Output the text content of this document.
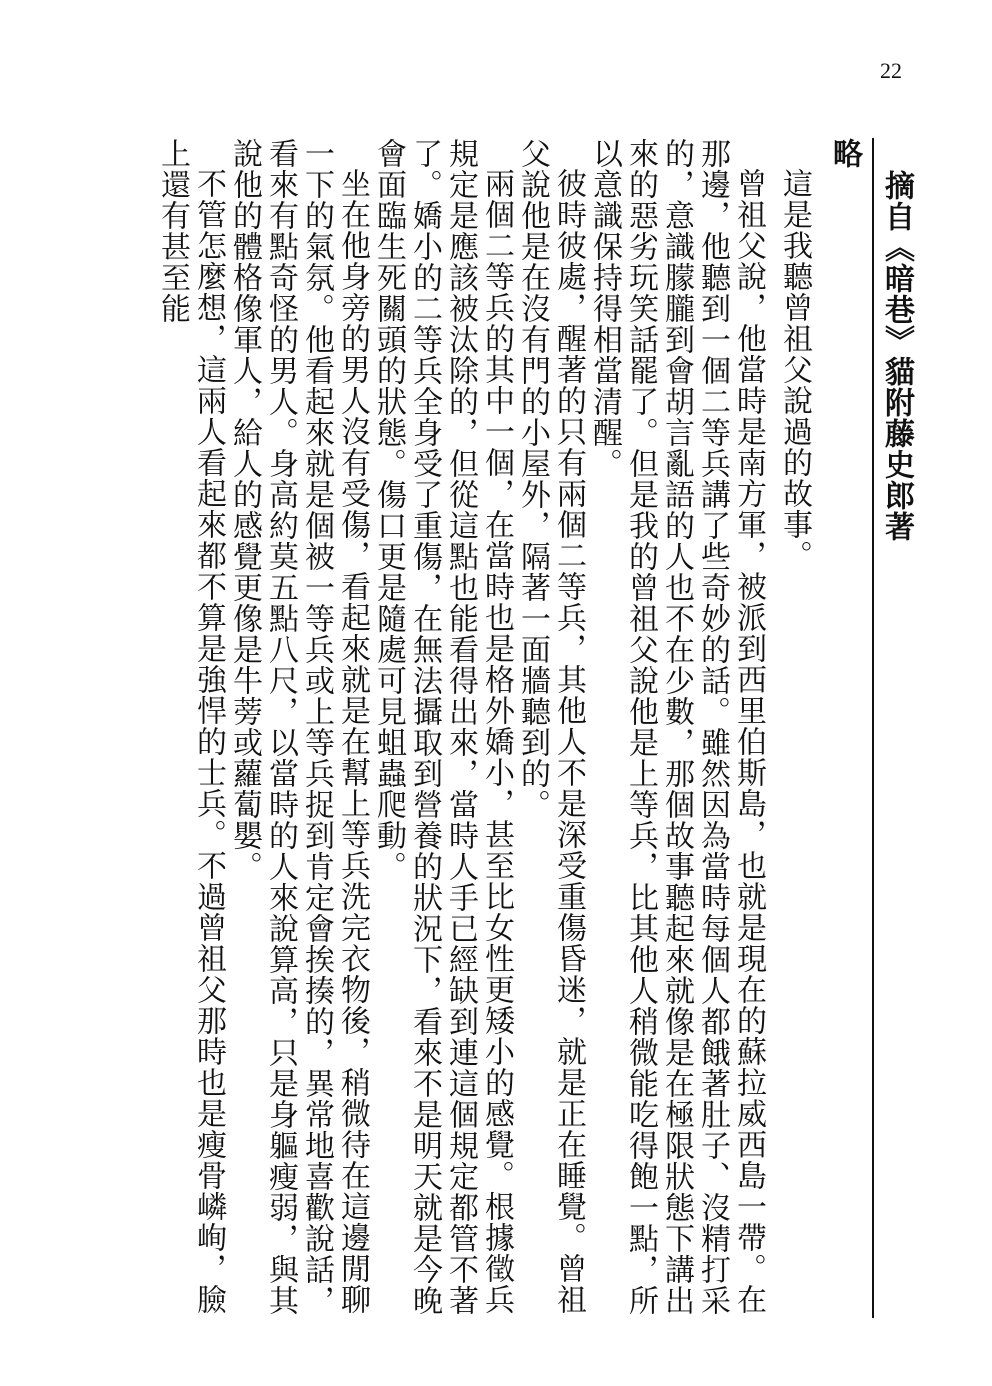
22
摘自《暗巷》貓附藤史郎著
略

這是我聽曾祖父說過的故事。

曾祖父說，他當時是南方軍，被派到西里伯斯島，也就是現在的蘇拉威西島一帶。在那邊，他聽到一個二等兵講了些奇妙的話。雖然因為當時每個人都餓著肚子、沒精打采的，意識朦朧到會胡言亂語的人也不在少數，那個故事聽起來就像是在極限狀態下講出來的惡劣玩笑話罷了。但是我的曾祖父說他是上等兵，比其他人稍微能吃得飽一點，所以意識保持得相當清醒。

彼時彼處，醒著的只有兩個二等兵，其他人不是深受重傷昏迷，就是正在睡覺。曾祖父說他是在沒有門的小屋外，隔著一面牆聽到的。

兩個二等兵的其中一個，在當時也是格外嬌小，甚至比女性更矮小的感覺。根據徵兵規定是應該被汰除的，但從這點也能看得出來，當時人手已經缺到連這個規定都管不著了。嬌小的二等兵全身受了重傷，在無法攝取到營養的狀況下，看來不是明天就是今晚會面臨生死關頭的狀態。傷口更是隨處可見蛆蟲爬動。

坐在他身旁的男人沒有受傷，看起來就是在幫上等兵洗完衣物後，稍微待在這邊閒聊一下的氣氛。他看起來就是個被一等兵或上等兵捉到肯定會挨揍的，異常地喜歡說話，看來有點奇怪的男人。身高約莫五點八尺，以當時的人來說算高，只是身軀瘦弱，與其說他的體格像軍人，給人的感覺更像是牛蒡或蘿蔔嬰。

不管怎麼想，這兩人看起來都不算是強悍的士兵。不過曾祖父那時也是瘦骨嶙峋，臉上還有甚至能
